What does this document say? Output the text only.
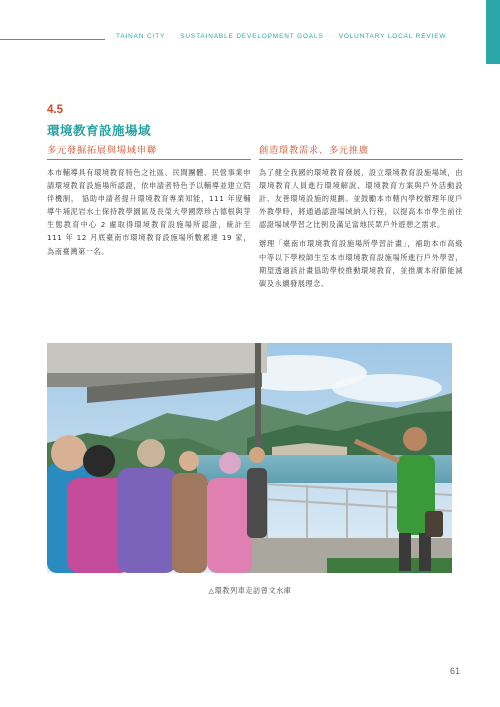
TAINAN CITY · SUSTAINABLE DEVELOPMENT GOALS · VOLUNTARY LOCAL REVIEW
4.5
環境教育設施場域
多元發掘拓展與場域串聯

本市輔導具有環境教育特色之社區、民間團體、民營事業申請環境教育設施場所認證，依申請者特色予以輔導並建立陪伴機制， 協助申請者提升環境教育專業知能，111 年度輔導牛埔泥岩水土保持教學園區及長榮大學國際珍古德根與芽生態教育中心 2 處取得環境教育設施場所認證，統計至 111 年 12 月底臺南市環境教育設施場所數累達 19 家，為南臺灣第一名。

創造環教需求、多元推廣

為了健全我國的環境教育發展，設立環境教育設施場域，由環境教育人員進行環境解說、環境教育方案與戶外活動設計、友善環境設施的規劃。並鼓勵本市轄內學校辦理年度戶外教學時，將通過認證場域納入行程，以提高本市學生前往認證場域學習之比例及滿足當地民眾戶外遊憩之需求。

辦理「臺南市環境教育設施場所學習計畫」，補助本市高級中等以下學校師生至本市環境教育設施場所進行戶外學習，期望透過該計畫協助學校推動環境教育，並推廣本府節能減碳及永續發展理念。

△環教列車走訪曾文水庫
61
